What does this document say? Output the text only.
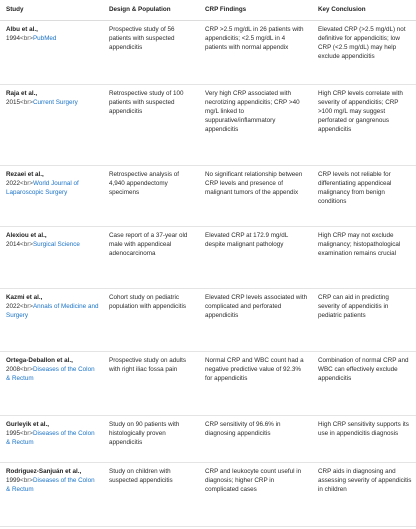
Study	Design & Population	CRP Findings	Key Conclusion
Albu et al.,
1994<br>PubMed	Prospective study of 56 patients with suspected appendicitis	CRP >2.5 mg/dL in 26 patients with appendicitis; <2.5 mg/dL in 4 patients with normal appendix	Elevated CRP (>2.5 mg/dL) not definitive for appendicitis; low CRP (<2.5 mg/dL) may help exclude appendicitis
Raja et al.,
2015<br>Current Surgery	Retrospective study of 100 patients with suspected appendicitis	Very high CRP associated with necrotizing appendicitis; CRP >40 mg/L linked to suppurative/inflammatory appendicitis	High CRP levels correlate with severity of appendicitis; CRP >100 mg/L may suggest perforated or gangrenous appendicitis
Rezaei et al.,
2022<br>World Journal of Laparoscopic Surgery	Retrospective analysis of 4,940 appendectomy specimens	No significant relationship between CRP levels and presence of malignant tumors of the appendix	CRP levels not reliable for differentiating appendiceal malignancy from benign conditions
Alexiou et al.,
2014<br>Surgical Science	Case report of a 37-year old male with appendiceal adenocarcinoma	Elevated CRP at 172.9 mg/dL despite malignant pathology	High CRP may not exclude malignancy; histopathological examination remains crucial
Kazmi et al.,
2022<br>Annals of Medicine and Surgery	Cohort study on pediatric population with appendicitis	Elevated CRP levels associated with complicated and perforated appendicitis	CRP can aid in predicting severity of appendicitis in pediatric patients
Ortega-Deballon et al.,
2008<br>Diseases of the Colon & Rectum	Prospective study on adults with right iliac fossa pain	Normal CRP and WBC count had a negative predictive value of 92.3% for appendicitis	Combination of normal CRP and WBC can effectively exclude appendicitis
Gurleyik et al.,
1995<br>Diseases of the Colon & Rectum	Study on 90 patients with histologically proven appendicitis	CRP sensitivity of 96.6% in diagnosing appendicitis	High CRP sensitivity supports its use in appendicitis diagnosis
Rodriguez-Sanjuán et al.,
1999<br>Diseases of the Colon & Rectum	Study on children with suspected appendicitis	CRP and leukocyte count useful in diagnosis; higher CRP in complicated cases	CRP aids in diagnosing and assessing severity of appendicitis in children
